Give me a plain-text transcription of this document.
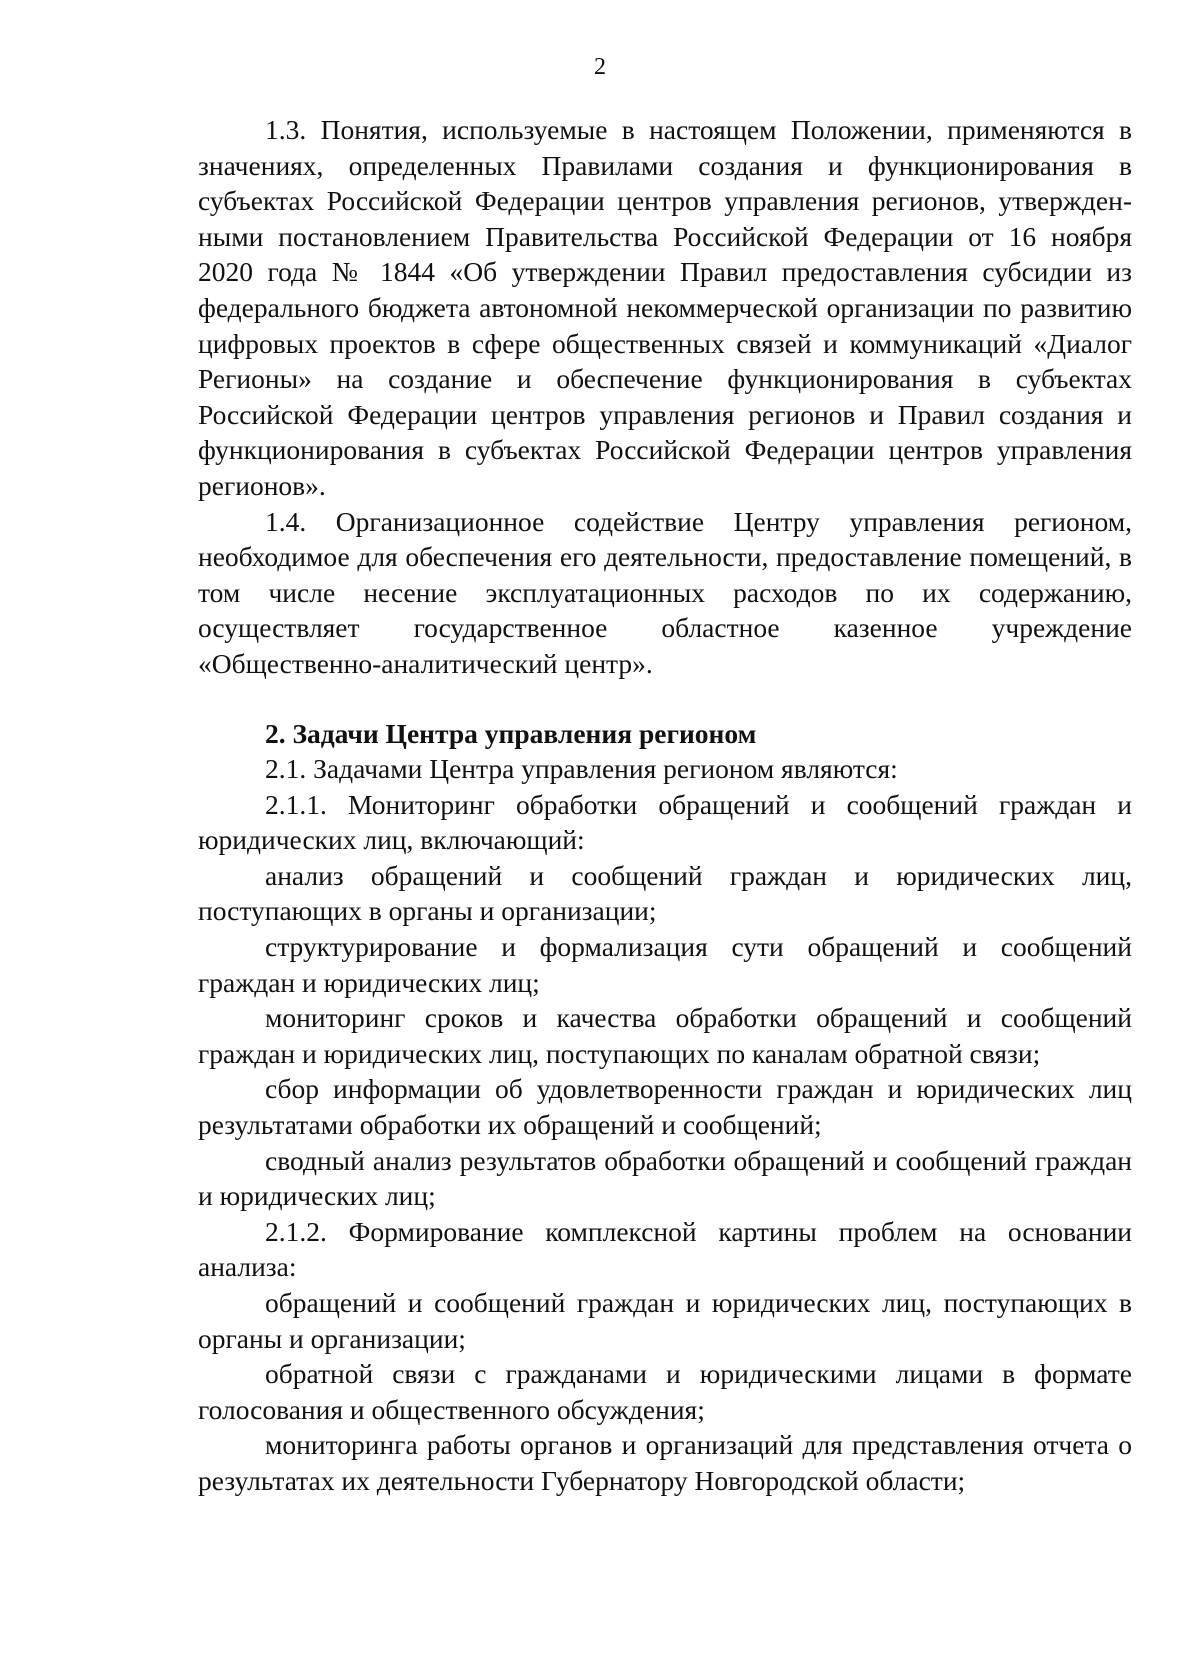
2

1.3. Понятия, используемые в настоящем Положении, применяются в значениях, определенных Правилами создания и функционирования в субъектах Российской Федерации центров управления регионов, утвержденными постановлением Правительства Российской Федерации от 16 ноября 2020 года № 1844 «Об утверждении Правил предоставления субсидии из федерального бюджета автономной некоммерческой организации по развитию цифровых проектов в сфере общественных связей и коммуникаций «Диалог Регионы» на создание и обеспечение функционирования в субъектах Российской Федерации центров управления регионов и Правил создания и функционирования в субъектах Российской Федерации центров управления регионов».

1.4. Организационное содействие Центру управления регионом, необходимое для обеспечения его деятельности, предоставление помещений, в том числе несение эксплуатационных расходов по их содержанию, осуществляет государственное областное казенное учреждение «Общественно-аналитический центр».

2. Задачи Центра управления регионом

2.1. Задачами Центра управления регионом являются:

2.1.1. Мониторинг обработки обращений и сообщений граждан и юридических лиц, включающий:

анализ обращений и сообщений граждан и юридических лиц, поступающих в органы и организации;

структурирование и формализация сути обращений и сообщений граждан и юридических лиц;

мониторинг сроков и качества обработки обращений и сообщений граждан и юридических лиц, поступающих по каналам обратной связи;

сбор информации об удовлетворенности граждан и юридических лиц результатами обработки их обращений и сообщений;

сводный анализ результатов обработки обращений и сообщений граждан и юридических лиц;

2.1.2. Формирование комплексной картины проблем на основании анализа:

обращений и сообщений граждан и юридических лиц, поступающих в органы и организации;

обратной связи с гражданами и юридическими лицами в формате голосования и общественного обсуждения;

мониторинга работы органов и организаций для представления отчета о результатах их деятельности Губернатору Новгородской области;
